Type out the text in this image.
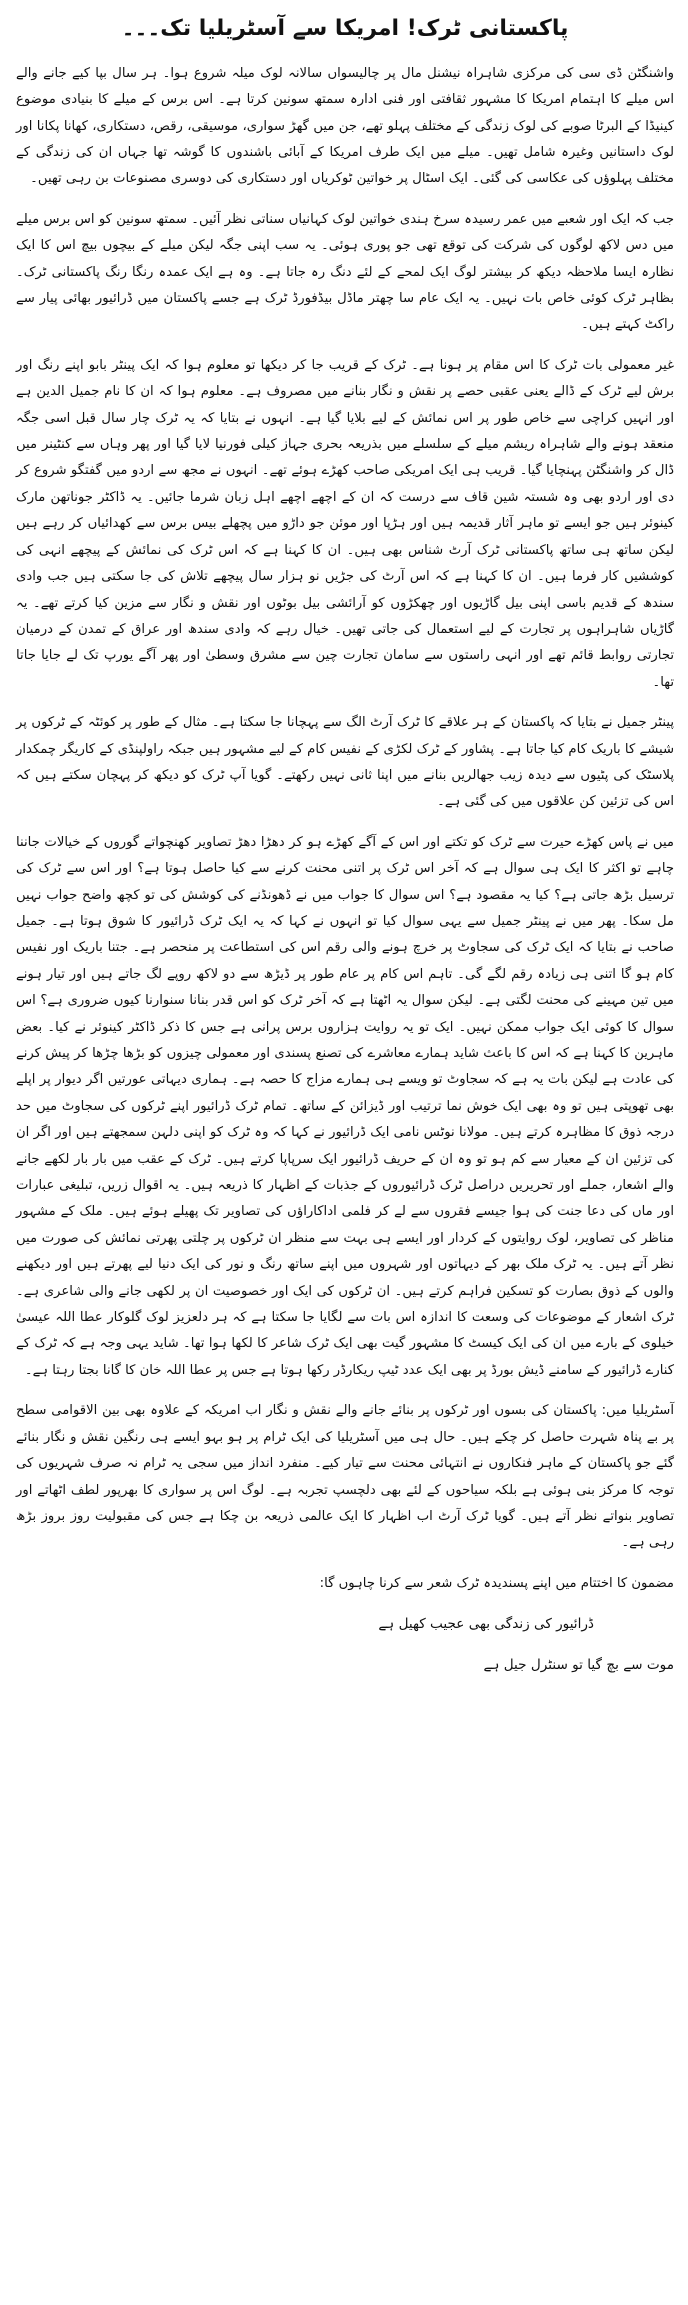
پاکستانی ٹرک! امریکا سے آسٹریلیا تک۔۔۔

واشنگٹن ڈی سی کی مرکزی شاہراہ نیشنل مال پر چالیسواں سالانہ لوک میلہ شروع ہوا۔ ہر سال بپا کیے جانے والے اس میلے کا اہتمام امریکا کا مشہور ثقافتی اور فنی ادارہ سمتھ سونین کرتا ہے۔ اس برس کے میلے کا بنیادی موضوع کینیڈا کے البرٹا صوبے کی لوک زندگی کے مختلف پہلو تھے، جن میں گھڑ سواری، موسیقی، رقص، دستکاری، کھانا پکانا اور لوک داستانیں وغیرہ شامل تھیں۔ میلے میں ایک طرف امریکا کے آبائی باشندوں کا گوشہ تھا جہاں ان کی زندگی کے مختلف پہلوؤں کی عکاسی کی گئی۔ ایک اسٹال پر خواتین ٹوکریاں اور دستکاری کی دوسری مصنوعات بن رہی تھیں۔

جب کہ ایک اور شعبے میں عمر رسیدہ سرخ ہندی خواتین لوک کہانیاں سناتی نظر آئیں۔ سمتھ سونین کو اس برس میلے میں دس لاکھ لوگوں کی شرکت کی توقع تھی جو پوری ہوئی۔ یہ سب اپنی جگہ لیکن میلے کے بیچوں بیچ اس کا ایک نظارہ ایسا ملاحظہ دیکھ کر بیشتر لوگ ایک لمحے کے لئے دنگ رہ جاتا ہے۔ وہ ہے ایک عمدہ رنگا رنگ پاکستانی ٹرک۔ بظاہر ٹرک کوئی خاص بات نہیں۔ یہ ایک عام سا چھتر ماڈل بیڈفورڈ ٹرک ہے جسے پاکستان میں ڈرائیور بھائی پیار سے راکٹ کہتے ہیں۔

غیر معمولی بات ٹرک کا اس مقام پر ہونا ہے۔ ٹرک کے قریب جا کر دیکھا تو معلوم ہوا کہ ایک پینٹر بابو اپنے رنگ اور برش لیے ٹرک کے ڈالے یعنی عقبی حصے پر نقش و نگار بنانے میں مصروف ہے۔ معلوم ہوا کہ ان کا نام جمیل الدین ہے اور انہیں کراچی سے خاص طور پر اس نمائش کے لیے بلایا گیا ہے۔ انہوں نے بتایا کہ یہ ٹرک چار سال قبل اسی جگہ منعقد ہونے والے شاہراہ ریشم میلے کے سلسلے میں بذریعہ بحری جہاز کیلی فورنیا لایا گیا اور پھر وہاں سے کنٹینر میں ڈال کر واشنگٹن پہنچایا گیا۔ قریب ہی ایک امریکی صاحب کھڑے ہوئے تھے۔ انہوں نے مجھ سے اردو میں گفتگو شروع کر دی اور اردو بھی وہ شستہ شین قاف سے درست کہ ان کے اچھے اچھے اہل زبان شرما جائیں۔ یہ ڈاکٹر جوناتھن مارک کینوئر ہیں جو ایسے تو ماہر آثار قدیمہ ہیں اور ہڑپا اور موئن جو داڑو میں پچھلے بیس برس سے کھدائیاں کر رہے ہیں لیکن ساتھ ہی ساتھ پاکستانی ٹرک آرٹ شناس بھی ہیں۔ ان کا کہنا ہے کہ اس ٹرک کی نمائش کے پیچھے انہی کی کوششیں کار فرما ہیں۔ ان کا کہنا ہے کہ اس آرٹ کی جڑیں نو ہزار سال پیچھے تلاش کی جا سکتی ہیں جب وادی سندھ کے قدیم باسی اپنی بیل گاڑیوں اور چھکڑوں کو آرائشی بیل بوٹوں اور نقش و نگار سے مزین کیا کرتے تھے۔ یہ گاڑیاں شاہراہوں پر تجارت کے لیے استعمال کی جاتی تھیں۔ خیال رہے کہ وادی سندھ اور عراق کے تمدن کے درمیان تجارتی روابط قائم تھے اور انہی راستوں سے سامان تجارت چین سے مشرق وسطیٰ اور پھر آگے یورپ تک لے جایا جاتا تھا۔

پینٹر جمیل نے بتایا کہ پاکستان کے ہر علاقے کا ٹرک آرٹ الگ سے پہچانا جا سکتا ہے۔ مثال کے طور پر کوئٹہ کے ٹرکوں پر شیشے کا باریک کام کیا جاتا ہے۔ پشاور کے ٹرک لکڑی کے نفیس کام کے لیے مشہور ہیں جبکہ راولپنڈی کے کاریگر چمکدار پلاسٹک کی پٹیوں سے دیدہ زیب جھالریں بنانے میں اپنا ثانی نہیں رکھتے۔ گویا آپ ٹرک کو دیکھ کر پہچان سکتے ہیں کہ اس کی تزئین کن علاقوں میں کی گئی ہے۔

میں نے پاس کھڑے حیرت سے ٹرک کو تکتے اور اس کے آگے کھڑے ہو کر دھڑا دھڑ تصاویر کھنچواتے گوروں کے خیالات جاننا چاہے تو اکثر کا ایک ہی سوال ہے کہ آخر اس ٹرک پر اتنی محنت کرنے سے کیا حاصل ہوتا ہے؟ اور اس سے ٹرک کی ترسیل بڑھ جاتی ہے؟ کیا یہ مقصود ہے؟ اس سوال کا جواب میں نے ڈھونڈنے کی کوشش کی تو کچھ واضح جواب نہیں مل سکا۔ پھر میں نے پینٹر جمیل سے یہی سوال کیا تو انہوں نے کہا کہ یہ ایک ٹرک ڈرائیور کا شوق ہوتا ہے۔ جمیل صاحب نے بتایا کہ ایک ٹرک کی سجاوٹ پر خرچ ہونے والی رقم اس کی استطاعت پر منحصر ہے۔ جتنا باریک اور نفیس کام ہو گا اتنی ہی زیادہ رقم لگے گی۔ تاہم اس کام پر عام طور پر ڈیڑھ سے دو لاکھ روپے لگ جاتے ہیں اور تیار ہونے میں تین مہینے کی محنت لگتی ہے۔ لیکن سوال یہ اٹھتا ہے کہ آخر ٹرک کو اس قدر بنانا سنوارنا کیوں ضروری ہے؟ اس سوال کا کوئی ایک جواب ممکن نہیں۔ ایک تو یہ روایت ہزاروں برس پرانی ہے جس کا ذکر ڈاکٹر کینوئر نے کیا۔ بعض ماہرین کا کہنا ہے کہ اس کا باعث شاید ہمارے معاشرے کی تصنع پسندی اور معمولی چیزوں کو بڑھا چڑھا کر پیش کرنے کی عادت ہے لیکن بات یہ ہے کہ سجاوٹ تو ویسے ہی ہمارے مزاج کا حصہ ہے۔ ہماری دیہاتی عورتیں اگر دیوار پر اپلے بھی تھوپتی ہیں تو وہ بھی ایک خوش نما ترتیب اور ڈیزائن کے ساتھ۔ تمام ٹرک ڈرائیور اپنے ٹرکوں کی سجاوٹ میں حد درجہ ذوق کا مظاہرہ کرتے ہیں۔ مولانا نوٹس نامی ایک ڈرائیور نے کہا کہ وہ ٹرک کو اپنی دلہن سمجھتے ہیں اور اگر ان کی تزئین ان کے معیار سے کم ہو تو وہ ان کے حریف ڈرائیور ایک سرپاپا کرتے ہیں۔ ٹرک کے عقب میں بار بار لکھے جانے والے اشعار، جملے اور تحریریں دراصل ٹرک ڈرائیوروں کے جذبات کے اظہار کا ذریعہ ہیں۔ یہ اقوال زریں، تبلیغی عبارات اور ماں کی دعا جنت کی ہوا جیسے فقروں سے لے کر فلمی اداکاراؤں کی تصاویر تک پھیلے ہوئے ہیں۔ ملک کے مشہور مناظر کی تصاویر، لوک روایتوں کے کردار اور ایسے ہی بہت سے منظر ان ٹرکوں پر چلتی پھرتی نمائش کی صورت میں نظر آتے ہیں۔ یہ ٹرک ملک بھر کے دیہاتوں اور شہروں میں اپنے ساتھ رنگ و نور کی ایک دنیا لیے پھرتے ہیں اور دیکھنے والوں کے ذوق بصارت کو تسکین فراہم کرتے ہیں۔ ان ٹرکوں کی ایک اور خصوصیت ان پر لکھی جانے والی شاعری ہے۔ ٹرک اشعار کے موضوعات کی وسعت کا اندازہ اس بات سے لگایا جا سکتا ہے کہ ہر دلعزیز لوک گلوکار عطا اللہ عیسیٰ خیلوی کے بارے میں ان کی ایک کیسٹ کا مشہور گیت بھی ایک ٹرک شاعر کا لکھا ہوا تھا۔ شاید یہی وجہ ہے کہ ٹرک کے کنارے ڈرائیور کے سامنے ڈیش بورڈ پر بھی ایک عدد ٹیپ ریکارڈر رکھا ہوتا ہے جس پر عطا اللہ خان کا گانا بجتا رہتا ہے۔

آسٹریلیا میں: پاکستان کی بسوں اور ٹرکوں پر بنائے جانے والے نقش و نگار اب امریکہ کے علاوہ بھی بین الاقوامی سطح پر بے پناہ شہرت حاصل کر چکے ہیں۔ حال ہی میں آسٹریلیا کی ایک ٹرام پر ہو بہو ایسے ہی رنگین نقش و نگار بنائے گئے جو پاکستان کے ماہر فنکاروں نے انتہائی محنت سے تیار کیے۔ منفرد انداز میں سجی یہ ٹرام نہ صرف شہریوں کی توجہ کا مرکز بنی ہوئی ہے بلکہ سیاحوں کے لئے بھی دلچسپ تجربہ ہے۔ لوگ اس پر سواری کا بھرپور لطف اٹھاتے اور تصاویر بنواتے نظر آتے ہیں۔ گویا ٹرک آرٹ اب اظہار کا ایک عالمی ذریعہ بن چکا ہے جس کی مقبولیت روز بروز بڑھ رہی ہے۔

مضمون کا اختتام میں اپنے پسندیدہ ٹرک شعر سے کرنا چاہوں گا:

ڈرائیور کی زندگی بھی عجیب کھیل ہے
موت سے بچ گیا تو سنٹرل جیل ہے
